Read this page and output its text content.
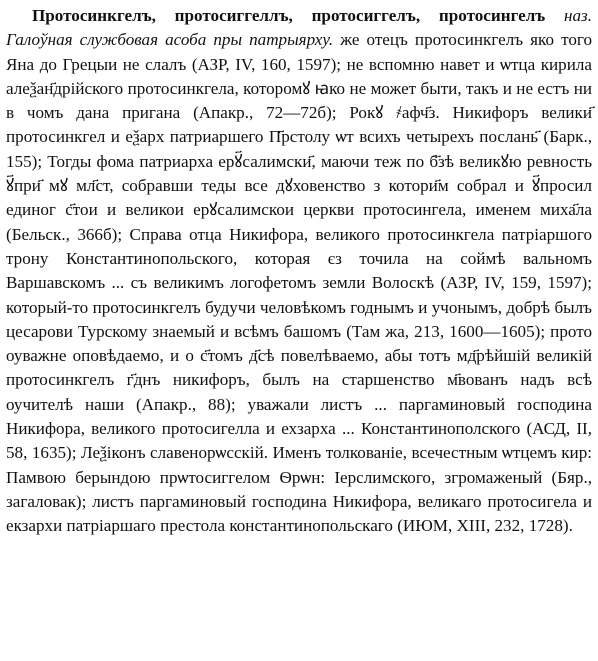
Протосинкгелъ, протосиггеллъ, протосиггелъ, протосингелъ наз. Галоўная службовая асоба пры патрыярху. же отецъ протосинкгелъ яко того Яна до Грецыи не слалъ (АЗР, IV, 160, 1597); не вспомню навет и ѡтца кирила алеѯан҃дрійского протосинкгела, которомꙋ ꙗко не может быти, такъ и не естъ ни в чомъ дана пригана (Апакр., 72—72б); Рокꙋ ҂афч҃з. Никифоръ велики҃ протосинкгел и еѯарх патриаршего П҃рстолу ѡт всихъ четырехъ послань҃ (Барк., 155); Тогды фома патриарха ерꙋ҃салимски҃, маючи теж по б҃зѣ великꙋю ревность ꙋ҃при҃ мꙋ мл҃ст, собравши теды все дꙋховенство з котори҃м собрал и ꙋ҃просил единог с҃тои и великои ерꙋсалимскои церкви протосингела, именем миха҃ла (Бельск., 366б); Справа отца Никифора, великого протосинкгела патріаршого трону Константинопольского, которая єз точила на соймѣ вальномъ Варшавскомъ ... съ великимъ логофетомъ земли Волоскѣ (АЗР, IV, 159, 1597); который-то протосинкгелъ будучи человѣкомъ годнымъ и учонымъ, добрѣ былъ цесарови Турскому знаемый и всѣмъ башомъ (Там жа, 213, 1600—1605); прото оуважне оповѣдаемо, и о с҃томъ д҃сѣ повелѣваемо, абы тотъ мд҃рѣйшій великій протосинкгелъ г҃днъ никифоръ, былъ на старшенство м҃вованъ надъ всѣ оучителѣ наши (Апакр., 88); уважали листъ ... паргаминовый господина Никифора, великого протосигелла и ехзарха ... Константинополского (АСД, II, 58, 1635); Леѯіконъ славенорѡсскій. Именъ толкованіе, всечестным ѡтцемъ кир: Памвою берындою прѡтосиггелом Ѳрѡн: Іерслимского, згромаженый (Бяр., загаловак); листъ паргаминовый господина Никифора, великаго протосигела и екзархи патріаршаго престола константинопольскаго (ИЮМ, XIII, 232, 1728).
